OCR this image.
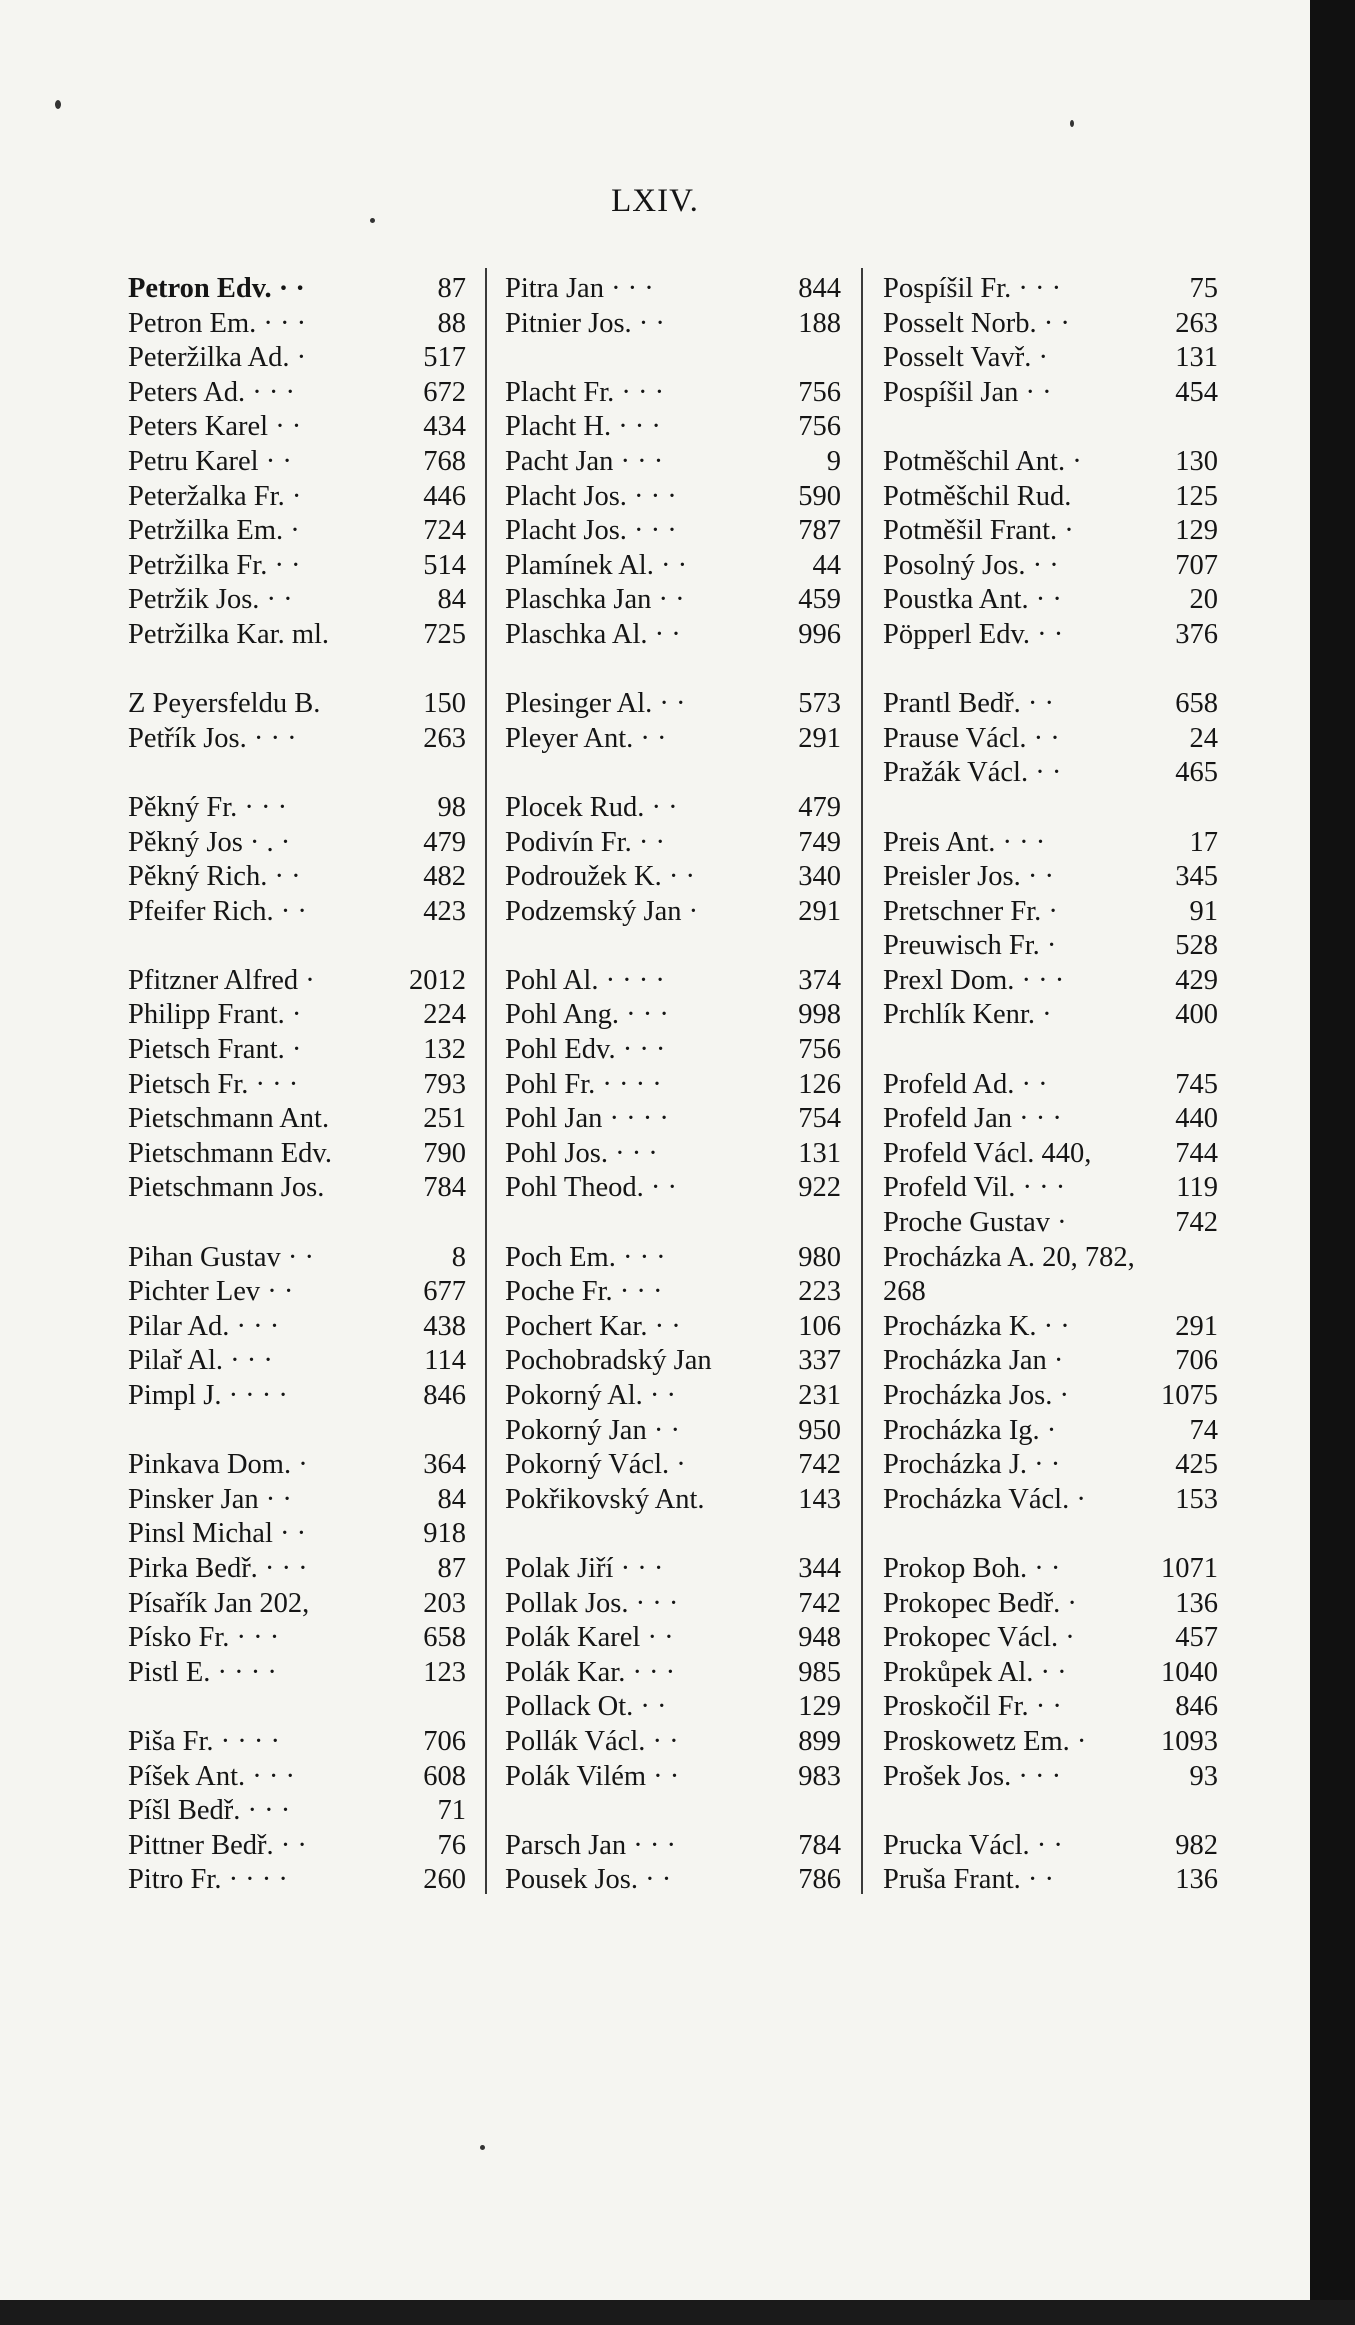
LXIV.
Petron Edv. · ·	87
Petron Em. · · ·	88
Peteržilka Ad. ·	517
Peters Ad. · · ·	672
Peters Karel · ·	434
Petru Karel · ·	768
Peteržalka Fr. ·	446
Petržilka Em. ·	724
Petržilka Fr. · ·	514
Petržik Jos. · ·	84
Petržilka Kar. ml.	725
Z Peyersfeldu B.	150
Petřík Jos. · · ·	263
Pěkný Fr. · · ·	98
Pěkný Jos · . ·	479
Pěkný Rich. · ·	482
Pfeifer Rich. · ·	423
Pfitzner Alfred ·	2012
Philipp Frant. ·	224
Pietsch Frant. ·	132
Pietsch Fr. · · ·	793
Pietschmann Ant.	251
Pietschmann Edv.	790
Pietschmann Jos.	784
Pihan Gustav · ·	8
Pichter Lev · ·	677
Pilar Ad. · · ·	438
Pilař Al. · · ·	114
Pimpl J. · · · ·	846
Pinkava Dom. ·	364
Pinsker Jan · ·	84
Pinsl Michal · ·	918
Pirka Bedř. · · ·	87
Písařík Jan 202,	203
Písko Fr. · · ·	658
Pistl E. · · · ·	123
Piša Fr. · · · ·	706
Píšek Ant. · · ·	608
Píšl Bedř. · · ·	71
Pittner Bedř. · ·	76
Pitro Fr. · · · ·	260
Pitra Jan · · ·	844
Pitnier Jos. · ·	188
Placht Fr. · · ·	756
Placht H. · · ·	756
Pacht Jan · · ·	9
Placht Jos. · · ·	590
Placht Jos. · · ·	787
Plamínek Al. · ·	44
Plaschka Jan · ·	459
Plaschka Al. · ·	996
Plesinger Al. · ·	573
Pleyer Ant. · ·	291
Plocek Rud. · ·	479
Podivín Fr. · ·	749
Podroužek K. · ·	340
Podzemský Jan ·	291
Pohl Al. · · · ·	374
Pohl Ang. · · ·	998
Pohl Edv. · · ·	756
Pohl Fr. · · · ·	126
Pohl Jan · · · ·	754
Pohl Jos. · · ·	131
Pohl Theod. · ·	922
Poch Em. · · ·	980
Poche Fr. · · ·	223
Pochert Kar. · ·	106
Pochobradský Jan	337
Pokorný Al. · ·	231
Pokorný Jan · ·	950
Pokorný Václ. ·	742
Pokřikovský Ant.	143
Polak Jiří · · ·	344
Pollak Jos. · · ·	742
Polák Karel · ·	948
Polák Kar. · · ·	985
Pollack Ot. · ·	129
Pollák Václ. · ·	899
Polák Vilém · ·	983
Parsch Jan · · ·	784
Pousek Jos. · ·	786
Pospíšil Fr. · · ·	75
Posselt Norb. · ·	263
Posselt Vavř. ·	131
Pospíšil Jan · ·	454
Potměšchil Ant. ·	130
Potměšchil Rud.	125
Potměšil Frant. ·	129
Posolný Jos. · ·	707
Poustka Ant. · ·	20
Pöpperl Edv. · ·	376
Prantl Bedř. · ·	658
Prause Václ. · ·	24
Pražák Václ. · ·	465
Preis Ant. · · ·	17
Preisler Jos. · ·	345
Pretschner Fr. ·	91
Preuwisch Fr. ·	528
Prexl Dom. · · ·	429
Prchlík Kenr. ·	400
Profeld Ad. · ·	745
Profeld Jan · · ·	440
Profeld Václ. 440,	744
Profeld Vil. · · ·	119
Proche Gustav ·	742
Procházka A. 20, 782,
268
Procházka K. · ·	291
Procházka Jan ·	706
Procházka Jos. ·	1075
Procházka Ig. ·	74
Procházka J. · ·	425
Procházka Václ. ·	153
Prokop Boh. · ·	1071
Prokopec Bedř. ·	136
Prokopec Václ. ·	457
Prokůpek Al. · ·	1040
Proskočil Fr. · ·	846
Proskowetz Em. ·	1093
Prošek Jos. · · ·	93
Prucka Václ. · ·	982
Pruša Frant. · ·	136
